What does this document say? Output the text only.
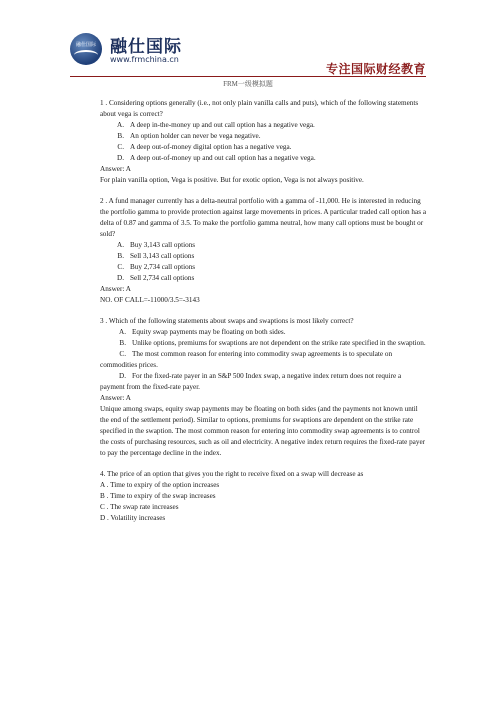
融仕国际 融仕国际
www.frmchina.cn
专注国际财经教育
FRM一级模拟题

1 . Considering options generally (i.e., not only plain vanilla calls and puts), which of the following statements about vega is correct?

A. A deep in-the-money up and out call option has a negative vega.

B. An option holder can never be vega negative.

C. A deep out-of-money digital option has a negative vega.

D. A deep out-of-money up and out call option has a negative vega.

Answer: A

For plain vanilla option, Vega is positive. But for exotic option, Vega is not always positive.

2 . A fund manager currently has a delta-neutral portfolio with a gamma of -11,000. He is interested in reducing the portfolio gamma to provide protection against large movements in prices. A particular traded call option has a delta of 0.87 and gamma of 3.5. To make the portfolio gamma neutral, how many call options must be bought or sold?

A. Buy 3,143 call options

B. Sell 3,143 call options

C. Buy 2,734 call options

D. Sell 2,734 call options

Answer: A

NO. OF CALL=-11000/3.5=-3143

3 . Which of the following statements about swaps and swaptions is most likely correct?

A. Equity swap payments may be floating on both sides.

B. Unlike options, premiums for swaptions are not dependent on the strike rate specified in the swaption.

C. The most common reason for entering into commodity swap agreements is to speculate on commodities prices.

D. For the fixed-rate payer in an S&P 500 Index swap, a negative index return does not require a payment from the fixed-rate payer.

Answer: A

Unique among swaps, equity swap payments may be floating on both sides (and the payments not known until the end of the settlement period). Similar to options, premiums for swaptions are dependent on the strike rate specified in the swaption. The most common reason for entering into commodity swap agreements is to control the costs of purchasing resources, such as oil and electricity. A negative index return requires the fixed-rate payer to pay the percentage decline in the index.

4. The price of an option that gives you the right to receive fixed on a swap will decrease as

A . Time to expiry of the option increases

B . Time to expiry of the swap increases

C . The swap rate increases

D . Volatility increases
